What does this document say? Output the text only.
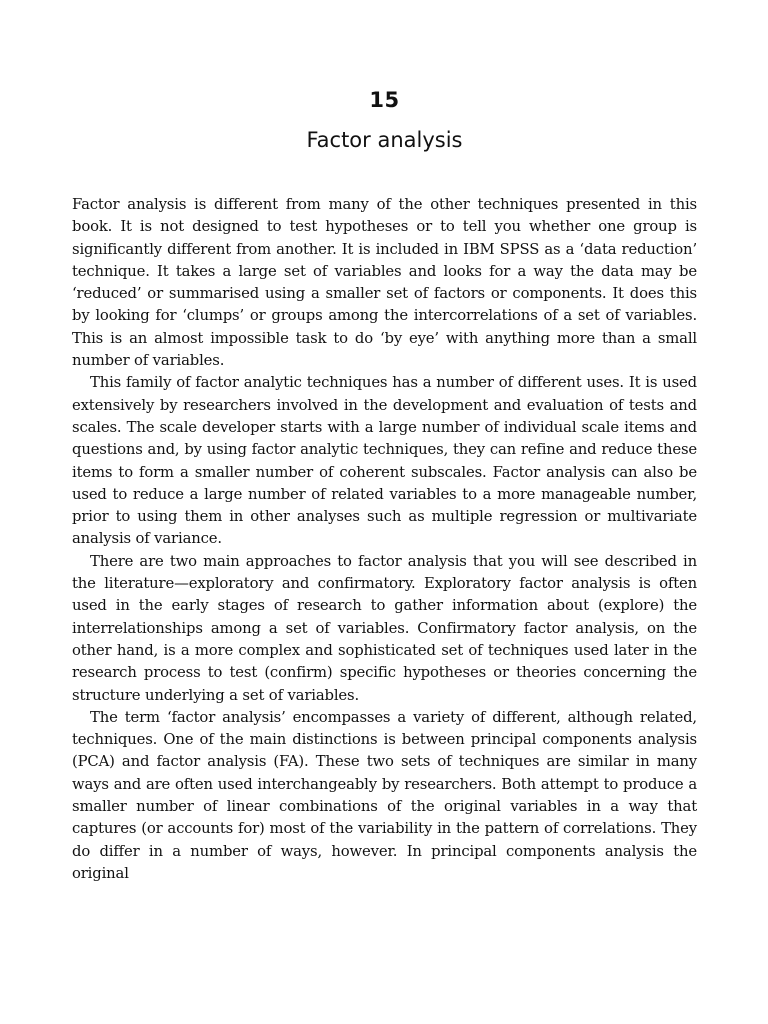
15
Factor analysis

Factor analysis is different from many of the other techniques presented in this book. It is not designed to test hypotheses or to tell you whether one group is significantly different from another. It is included in IBM SPSS as a ‘data reduction’ technique. It takes a large set of variables and looks for a way the data may be ‘reduced’ or summarised using a smaller set of factors or components. It does this by looking for ‘clumps’ or groups among the intercorrelations of a set of variables. This is an almost impossible task to do ‘by eye’ with anything more than a small number of variables.

This family of factor analytic techniques has a number of different uses. It is used extensively by researchers involved in the development and evaluation of tests and scales. The scale developer starts with a large number of individual scale items and questions and, by using factor analytic techniques, they can refine and reduce these items to form a smaller number of coherent subscales. Factor analysis can also be used to reduce a large number of related variables to a more manageable number, prior to using them in other analyses such as multiple regression or multivariate analysis of variance.

There are two main approaches to factor analysis that you will see described in the literature—exploratory and confirmatory. Exploratory factor analysis is often used in the early stages of research to gather information about (explore) the interrelationships among a set of variables. Confirmatory factor analysis, on the other hand, is a more complex and sophisticated set of techniques used later in the research process to test (confirm) specific hypotheses or theories concerning the structure underlying a set of variables.

The term ‘factor analysis’ encompasses a variety of different, although related, techniques. One of the main distinctions is between principal components analysis (PCA) and factor analysis (FA). These two sets of techniques are similar in many ways and are often used interchangeably by researchers. Both attempt to produce a smaller number of linear combinations of the original variables in a way that captures (or accounts for) most of the variability in the pattern of correlations. They do differ in a number of ways, however. In principal components analysis the original
